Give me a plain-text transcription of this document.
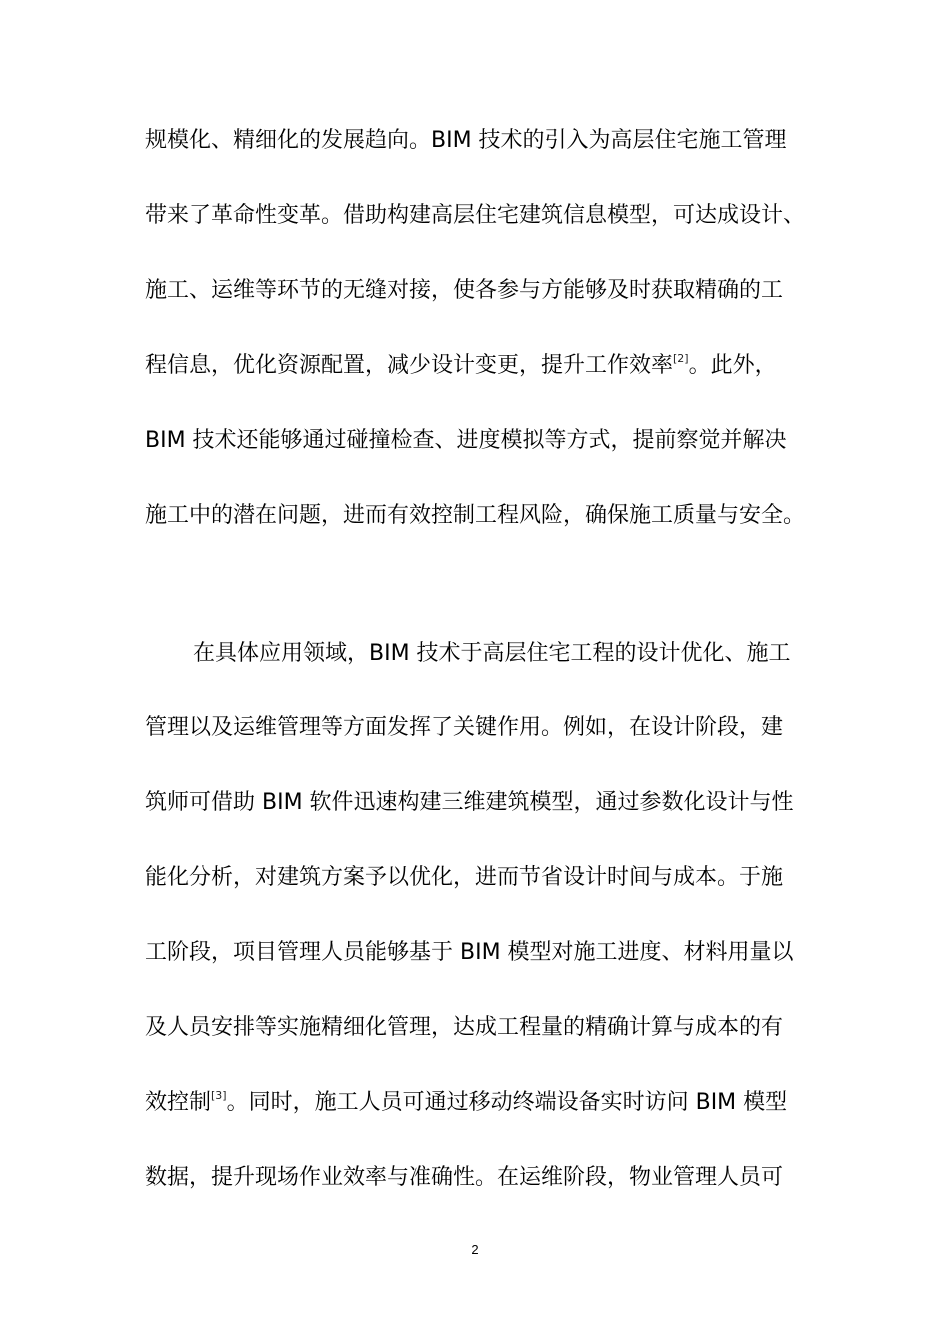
规模化、精细化的发展趋向。BIM 技术的引入为高层住宅施工管理
带来了革命性变革。借助构建高层住宅建筑信息模型，可达成设计、
施工、运维等环节的无缝对接，使各参与方能够及时获取精确的工
程信息，优化资源配置，减少设计变更，提升工作效率[2]。此外，
BIM 技术还能够通过碰撞检查、进度模拟等方式，提前察觉并解决
施工中的潜在问题，进而有效控制工程风险，确保施工质量与安全。
在具体应用领域，BIM 技术于高层住宅工程的设计优化、施工
管理以及运维管理等方面发挥了关键作用。例如，在设计阶段，建
筑师可借助 BIM 软件迅速构建三维建筑模型，通过参数化设计与性
能化分析，对建筑方案予以优化，进而节省设计时间与成本。于施
工阶段，项目管理人员能够基于 BIM 模型对施工进度、材料用量以
及人员安排等实施精细化管理，达成工程量的精确计算与成本的有
效控制[3]。同时，施工人员可通过移动终端设备实时访问 BIM 模型
数据，提升现场作业效率与准确性。在运维阶段，物业管理人员可
2
